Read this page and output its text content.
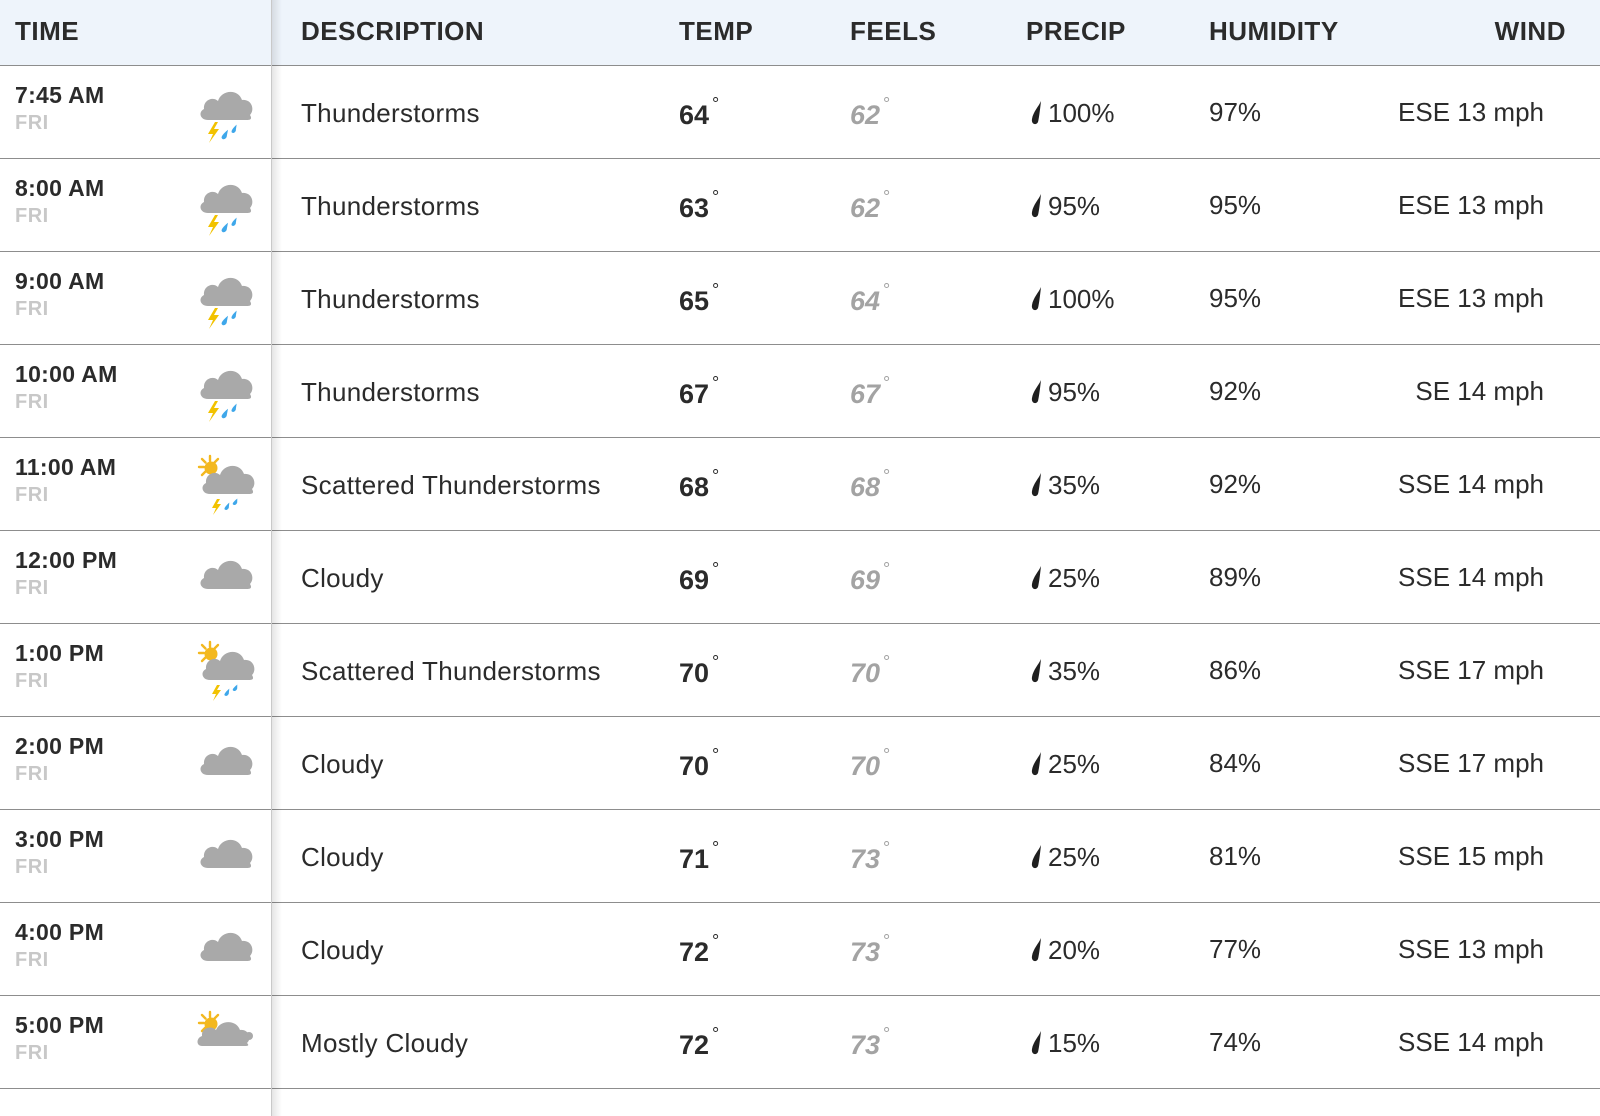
TIME	DESCRIPTION	TEMP	FEELS	PRECIP	HUMIDITY	WIND
7:45 AM
FRI	Thunderstorms	64 °	62 °	100%	97%	ESE 13 mph
8:00 AM
FRI	Thunderstorms	63 °	62 °	95%	95%	ESE 13 mph
9:00 AM
FRI	Thunderstorms	65 °	64 °	100%	95%	ESE 13 mph
10:00 AM
FRI	Thunderstorms	67 °	67 °	95%	92%	SE 14 mph
11:00 AM
FRI	Scattered Thunderstorms	68 °	68 °	35%	92%	SSE 14 mph
12:00 PM
FRI	Cloudy	69 °	69 °	25%	89%	SSE 14 mph
1:00 PM
FRI	Scattered Thunderstorms	70 °	70 °	35%	86%	SSE 17 mph
2:00 PM
FRI	Cloudy	70 °	70 °	25%	84%	SSE 17 mph
3:00 PM
FRI	Cloudy	71 °	73 °	25%	81%	SSE 15 mph
4:00 PM
FRI	Cloudy	72 °	73 °	20%	77%	SSE 13 mph
5:00 PM
FRI	Mostly Cloudy	72 °	73 °	15%	74%	SSE 14 mph
